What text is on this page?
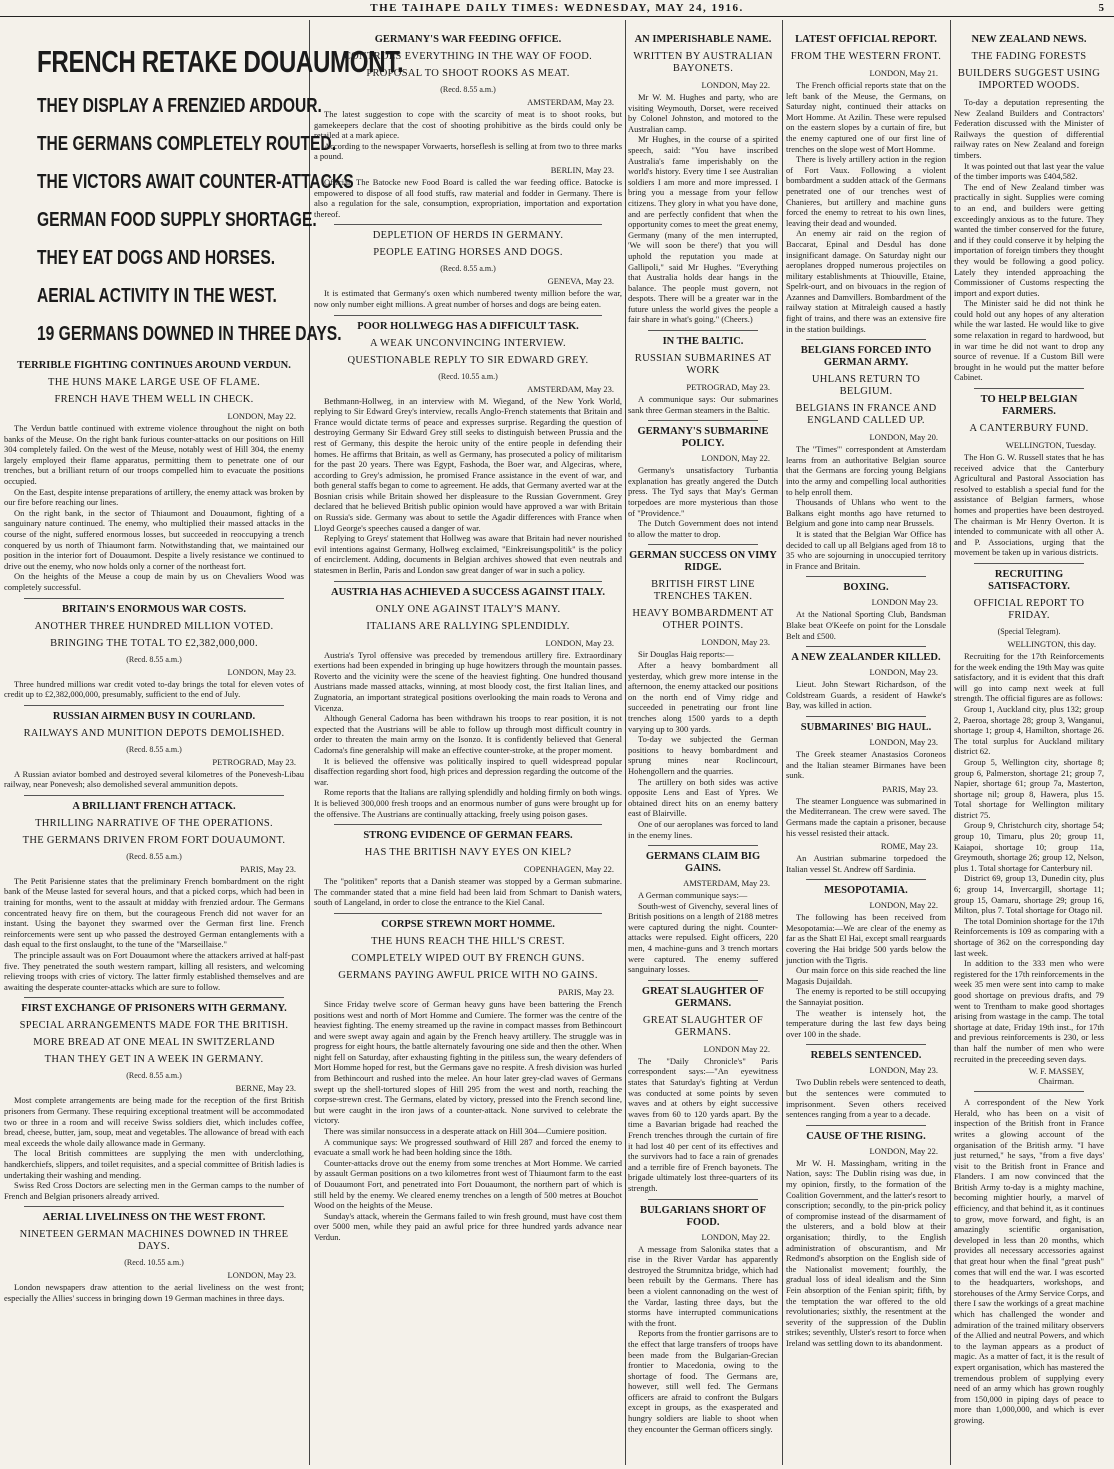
THE TAIHAPE DAILY TIMES: WEDNESDAY, MAY 24, 1916.	5
FRENCH RETAKE DOUAUMONT.
THEY DISPLAY A FRENZIED ARDOUR.
THE GERMANS COMPLETELY ROUTED.
THE VICTORS AWAIT COUNTER-ATTACKS
GERMAN FOOD SUPPLY SHORTAGE.
THEY EAT DOGS AND HORSES.
AERIAL ACTIVITY IN THE WEST.
19 GERMANS DOWNED IN THREE DAYS.
TERRIBLE FIGHTING CONTINUES AROUND VERDUN.
THE HUNS MAKE LARGE USE OF FLAME.
FRENCH HAVE THEM WELL IN CHECK.
LONDON, May 22.

The Verdun battle continued with extreme violence throughout the night on both banks of the Meuse. On the right bank furious counter-attacks on our positions on Hill 304 completely failed. On the west of the Meuse, notably west of Hill 304, the enemy largely employed their flame apparatus, permitting them to penetrate one of our trenches, but a brilliant return of our troops compelled him to evacuate the positions occupied.

On the East, despite intense preparations of artillery, the enemy attack was broken by our fire before reaching our lines.

On the right bank, in the sector of Thiaumont and Douaumont, fighting of a sanguinary nature continued. The enemy, who multiplied their massed attacks in the course of the night, suffered enormous losses, but succeeded in reoccupying a trench conquered by us north of Thiaumont farm. Notwithstanding that, we maintained our position in the interior fort of Douaumont. Despite a lively resistance we continued to drive out the enemy, who now holds only a corner of the northeast fort.

On the heights of the Meuse a coup de main by us on Chevaliers Wood was completely successful.

BRITAIN'S ENORMOUS WAR COSTS.
ANOTHER THREE HUNDRED MILLION VOTED.
BRINGING THE TOTAL TO £2,382,000,000.
(Recd. 8.55 a.m.)
LONDON, May 23.

Three hundred millions war credit voted to-day brings the total for eleven votes of credit up to £2,382,000,000, presumably, sufficient to the end of July.

RUSSIAN AIRMEN BUSY IN COURLAND.
RAILWAYS AND MUNITION DEPOTS DEMOLISHED.
(Recd. 8.55 a.m.)
PETROGRAD, May 23.

A Russian aviator bombed and destroyed several kilometres of the Ponevesh-Libau railway, near Ponevesh; also demolished several ammunition depots.

A BRILLIANT FRENCH ATTACK.
THRILLING NARRATIVE OF THE OPERATIONS.
THE GERMANS DRIVEN FROM FORT DOUAUMONT.
(Recd. 8.55 a.m.)
PARIS, May 23.

The Petit Parisienne states that the preliminary French bombardment on the right bank of the Meuse lasted for several hours, and that a picked corps, which had been in training for months, went to the assault at midday with frenzied ardour. The Germans concentrated heavy fire on them, but the courageous French did not waver for an instant. Using the bayonet they swarmed over the German first line. French reinforcements were sent up who passed the destroyed German entanglements with a dash equal to the first onslaught, to the tune of the "Marseillaise."

The principle assault was on Fort Douaumont where the attackers arrived at half-past five. They penetrated the south western rampart, killing all resisters, and welcoming relieving troops with cries of victory. The latter firmly established themselves and are awaiting the desperate counter-attacks which are sure to follow.

FIRST EXCHANGE OF PRISONERS WITH GERMANY.
SPECIAL ARRANGEMENTS MADE FOR THE BRITISH.
MORE BREAD AT ONE MEAL IN SWITZERLAND
THAN THEY GET IN A WEEK IN GERMANY.
(Recd. 8.55 a.m.)
BERNE, May 23.

Most complete arrangements are being made for the reception of the first British prisoners from Germany. These requiring exceptional treatment will be accommodated two or three in a room and will receive Swiss soldiers diet, which includes coffee, bread, cheese, butter, jam, soup, meat and vegetables. The allowance of bread with each meal exceeds the whole daily allowance made in Germany.

The local British committees are supplying the men with underclothing, handkerchiefs, slippers, and toilet requisites, and a special committee of British ladies is undertaking their washing and mending.

Swiss Red Cross Doctors are selecting men in the German camps to the number of French and Belgian prisoners already arrived.

AERIAL LIVELINESS ON THE WEST FRONT.
NINETEEN GERMAN MACHINES DOWNED IN THREE DAYS.
(Recd. 10.55 a.m.)
LONDON, May 23.

London newspapers draw attention to the aerial liveliness on the west front; especially the Allies' success in bringing down 19 German machines in three days.

GERMANY'S WAR FEEDING OFFICE.
CONTROLS EVERYTHING IN THE WAY OF FOOD.
PROPOSAL TO SHOOT ROOKS AS MEAT.
(Recd. 8.55 a.m.)
AMSTERDAM, May 23.

The latest suggestion to cope with the scarcity of meat is to shoot rooks, but gamekeepers declare that the cost of shooting prohibitive as the birds could only be retailed at a mark apiece.

According to the newspaper Vorwaerts, horseflesh is selling at from two to three marks a pound.

BERLIN, May 23.

Official: The Batocke new Food Board is called the war feeding office. Batocke is empowered to dispose of all food stuffs, raw material and fodder in Germany. There is also a regulation for the sale, consumption, expropriation, importation and exportation thereof.

DEPLETION OF HERDS IN GERMANY.
PEOPLE EATING HORSES AND DOGS.
(Recd. 8.55 a.m.)
GENEVA, May 23.

It is estimated that Germany's oxen which numbered twenty million before the war, now only number eight millions. A great number of horses and dogs are being eaten.

POOR HOLLWEGG HAS A DIFFICULT TASK.
A WEAK UNCONVINCING INTERVIEW.
QUESTIONABLE REPLY TO SIR EDWARD GREY.
(Recd. 10.55 a.m.)
AMSTERDAM, May 23.

Bethmann-Hollweg, in an interview with M. Wiegand, of the New York World, replying to Sir Edward Grey's interview, recalls Anglo-French statements that Britain and France would dictate terms of peace and expresses surprise. Regarding the question of destroying Germany Sir Edward Grey still seeks to distinguish between Prussia and the rest of Germany, this despite the heroic unity of the entire people in defending their homes. He affirms that Britain, as well as Germany, has prosecuted a policy of militarism for the past 20 years. There was Egypt, Fashoda, the Boer war, and Algeciras, where, according to Grey's admission, he promised France assistance in the event of war, and both general staffs began to come to agreement. He adds, that Germany averted war at the Bosnian crisis while Britain showed her displeasure to the Russian Government. Grey declared that he believed British public opinion would have approved a war with Britain on Russia's side. Germany was about to settle the Agadir differences with France when Lloyd George's speeches caused a danger of war.

Replying to Greys' statement that Hollweg was aware that Britain had never nourished evil intentions against Germany, Hollweg exclaimed, "Einkreisungspolitik" is the policy of encirclement. Adding, documents in Belgian archives showed that even neutrals and statesmen in Berlin, Paris and London saw great danger of war in such a policy.

AUSTRIA HAS ACHIEVED A SUCCESS AGAINST ITALY.
ONLY ONE AGAINST ITALY'S MANY.
ITALIANS ARE RALLYING SPLENDIDLY.
LONDON, May 23.

Austria's Tyrol offensive was preceded by tremendous artillery fire. Extraordinary exertions had been expended in bringing up huge howitzers through the mountain passes. Roverto and the vicinity were the scene of the heaviest fighting. One hundred thousand Austrians made massed attacks, winning, at most bloody cost, the first Italian lines, and Zugnatoria, an important strategical positions overlooking the main roads to Verona and Vicenza.

Although General Cadorna has been withdrawn his troops to rear position, it is not expected that the Austrians will be able to follow up through most difficult country in order to threaten the main army on the Isonzo. It is confidently believed that General Cadorna's fine generalship will make an effective counter-stroke, at the proper moment.

It is believed the offensive was politically inspired to quell widespread popular disaffection regarding short food, high prices and depression regarding the outcome of the war.

Rome reports that the Italians are rallying splendidly and holding firmly on both wings. It is believed 300,000 fresh troops and an enormous number of guns were brought up for the offensive. The Austrians are continually attacking, freely using poison gases.

STRONG EVIDENCE OF GERMAN FEARS.
HAS THE BRITISH NAVY EYES ON KIEL?
COPENHAGEN, May 22.

The "politiken" reports that a Danish steamer was stopped by a German submarine. The commander stated that a mine field had been laid from Schmart to Danish waters, south of Langeland, in order to close the entrance to the Kiel Canal.

CORPSE STREWN MORT HOMME.
THE HUNS REACH THE HILL'S CREST.
COMPLETELY WIPED OUT BY FRENCH GUNS.
GERMANS PAYING AWFUL PRICE WITH NO GAINS.
PARIS, May 23.

Since Friday twelve score of German heavy guns have been battering the French positions west and north of Mort Homme and Cumiere. The former was the centre of the heaviest fighting. The enemy streamed up the ravine in compact masses from Bethincourt and were swept away again and again by the French heavy artillery. The struggle was in progress for eight hours, the battle alternately favouring one side and then the other. When night fell on Saturday, after exhausting fighting in the pitiless sun, the weary defenders of Mort Homme hoped for rest, but the Germans gave no respite. A fresh division was hurled from Bethincourt and rushed into the melee. An hour later grey-clad waves of Germans swept up the shell-tortured slopes of Hill 295 from the west and north, reaching the corpse-strewn crest. The Germans, elated by victory, pressed into the French second line, but were caught in the iron jaws of a counter-attack. None survived to celebrate the victory.

There was similar nonsuccess in a desperate attack on Hill 304—Cumiere position.

A communique says: We progressed southward of Hill 287 and forced the enemy to evacuate a small work he had been holding since the 18th.

Counter-attacks drove out the enemy from some trenches at Mort Homme. We carried by assault German positions on a two kilometres front west of Thiaumont farm to the east of Douaumont Fort, and penetrated into Fort Douaumont, the northern part of which is still held by the enemy. We cleared enemy trenches on a length of 500 metres at Bouchot Wood on the heights of the Meuse.

Sunday's attack, wherein the Germans failed to win fresh ground, must have cost them over 5000 men, while they paid an awful price for three hundred yards advance near Verdun.

AN IMPERISHABLE NAME.
WRITTEN BY AUSTRALIAN BAYONETS.
LONDON, May 22.

Mr W. M. Hughes and party, who are visiting Weymouth, Dorset, were received by Colonel Johnston, and motored to the Australian camp.

Mr Hughes, in the course of a spirited speech, said: "You have inscribed Australia's fame imperishably on the world's history. Every time I see Australian soldiers I am more and more impressed. I bring you a message from your fellow citizens. They glory in what you have done, and are perfectly confident that when the opportunity comes to meet the great enemy, Germany (many of the men interrupted, 'We will soon be there') that you will uphold the reputation you made at Gallipoli," said Mr Hughes. "Everything that Australia holds dear hangs in the balance. The people must govern, not despots. There will be a greater war in the future unless the world gives the people a fair share in what's going." (Cheers.)

IN THE BALTIC.
RUSSIAN SUBMARINES AT WORK
PETROGRAD, May 23.

A communique says: Our submarines sank three German steamers in the Baltic.

GERMANY'S SUBMARINE POLICY.
LONDON, May 22.

Germany's unsatisfactory Turbantia explanation has greatly angered the Dutch press. The Tyd says that May's German torpedoes are more mysterious than those of "Providence."

The Dutch Government does not intend to allow the matter to drop.

GERMAN SUCCESS ON VIMY RIDGE.
BRITISH FIRST LINE TRENCHES TAKEN.
HEAVY BOMBARDMENT AT OTHER POINTS.
LONDON, May 23.

Sir Douglas Haig reports:—

After a heavy bombardment all yesterday, which grew more intense in the afternoon, the enemy attacked our positions on the north end of Vimy ridge and succeeded in penetrating our front line trenches along 1500 yards to a depth varying up to 300 yards.

To-day we subjected the German positions to heavy bombardment and sprung mines near Roclincourt, Hohengollern and the quarries.

The artillery on both sides was active opposite Lens and East of Ypres. We obtained direct hits on an enemy battery east of Blairville.

One of our aeroplanes was forced to land in the enemy lines.

GERMANS CLAIM BIG GAINS.
AMSTERDAM, May 23.

A German communique says:—

South-west of Givenchy, several lines of British positions on a length of 2188 metres were captured during the night. Counter-attacks were repulsed. Eight officers, 220 men, 4 machine-guns and 3 trench mortars were captured. The enemy suffered sanguinary losses.

GREAT SLAUGHTER OF GERMANS.
GREAT SLAUGHTER OF GERMANS.
LONDON May 22.

The "Daily Chronicle's" Paris correspondent says:—"An eyewitness states that Saturday's fighting at Verdun was conducted at some points by seven waves and at others by eight successive waves from 60 to 120 yards apart. By the time a Bavarian brigade had reached the French trenches through the curtain of fire it had lost 40 per cent of its effectives and the survivors had to face a rain of grenades and a terrible fire of French bayonets. The brigade ultimately lost three-quarters of its strength.

BULGARIANS SHORT OF FOOD.
LONDON, May 22.

A message from Salonika states that a rise in the River Vardar has apparently destroyed the Strumnitza bridge, which had been rebuilt by the Germans. There has been a violent cannonading on the west of the Vardar, lasting three days, but the storms have interrupted communications with the front.

Reports from the frontier garrisons are to the effect that large transfers of troops have been made from the Bulgarian-Grecian frontier to Macedonia, owing to the shortage of food. The Germans are, however, still well fed. The Germans officers are afraid to confront the Bulgars except in groups, as the exasperated and hungry soldiers are liable to shoot when they encounter the German officers singly.

LATEST OFFICIAL REPORT.
FROM THE WESTERN FRONT.
LONDON, May 21.

The French official reports state that on the left bank of the Meuse, the Germans, on Saturday night, continued their attacks on Mort Homme. At Azilin. These were repulsed on the eastern slopes by a curtain of fire, but the enemy captured one of our first line of trenches on the slope west of Mort Homme.

There is lively artillery action in the region of Fort Vaux. Following a violent bombardment a sudden attack of the Germans penetrated one of our trenches west of Chanieres, but artillery and machine guns forced the enemy to retreat to his own lines, leaving their dead and wounded.

An enemy air raid on the region of Baccarat, Epinal and Desdul has done insignificant damage. On Saturday night our aeroplanes dropped numerous projectiles on military establishments at Thiouville, Etaine, Spelrk-ourt, and on bivouacs in the region of Azannes and Damvillers. Bombardment of the railway station at Mitraleigh caused a hastly fight of trains, and there was an extensive fire in the station buildings.

BELGIANS FORCED INTO GERMAN ARMY.
UHLANS RETURN TO BELGIUM.
BELGIANS IN FRANCE AND ENGLAND CALLED UP.
LONDON, May 20.

The "Times'" correspondent at Amsterdam learns from an authoritative Belgian source that the Germans are forcing young Belgians into the army and compelling local authorities to help enroll them.

Thousands of Uhlans who went to the Balkans eight months ago have returned to Belgium and gone into camp near Brussels.

It is stated that the Belgian War Office has decided to call up all Belgians aged from 18 to 35 who are sojourning in unoccupied territory in France and Britain.

BOXING.
LONDON May 23.

At the National Sporting Club, Bandsman Blake beat O'Keefe on point for the Lonsdale Belt and £500.

A NEW ZEALANDER KILLED.
LONDON, May 23.

Lieut. John Stewart Richardson, of the Coldstream Guards, a resident of Hawke's Bay, was killed in action.

SUBMARINES' BIG HAUL.
LONDON, May 23.

The Greek steamer Anastasios Coroneos and the Italian steamer Birmanes have been sunk.

PARIS, May 23.

The steamer Longuence was submarined in the Mediterranean. The crew were saved. The Germans made the captain a prisoner, because his vessel resisted their attack.

ROME, May 23.

An Austrian submarine torpedoed the Italian vessel St. Andrew off Sardinia.

MESOPOTAMIA.
LONDON, May 22.

The following has been received from Mesopotamia:—We are clear of the enemy as far as the Shatt El Hai, except small rearguards covering the Hai bridge 500 yards below the junction with the Tigris.

Our main force on this side reached the line Magasis Dujaildah.

The enemy is reported to be still occupying the Sannayiat position.

The weather is intensely hot, the temperature during the last few days being over 100 in the shade.

REBELS SENTENCED.
LONDON, May 23.

Two Dublin rebels were sentenced to death, but the sentences were commuted to imprisonment. Seven others received sentences ranging from a year to a decade.

CAUSE OF THE RISING.
LONDON, May 22.

Mr W. H. Massingham, writing in the Nation, says: The Dublin rising was due, in my opinion, firstly, to the formation of the Coalition Government, and the latter's resort to conscription; secondly, to the pin-prick policy of compromise instead of the disarmament of the ulsterers, and a bold blow at their organisation; thirdly, to the English administration of obscurantism, and Mr Redmond's absorption on the English side of the Nationalist movement; fourthly, the gradual loss of ideal idealism and the Sinn Fein absorption of the Fenian spirit; fifth, by the temptation the war offered to the old revolutionaries; sixthly, the resentment at the severity of the suppression of the Dublin strikes; seventhly, Ulster's resort to force when Ireland was settling down to its abandonment.

NEW ZEALAND NEWS.
THE FADING FORESTS
BUILDERS SUGGEST USING IMPORTED WOODS.

To-day a deputation representing the New Zealand Builders and Contractors' Federation discussed with the Minister of Railways the question of differential railway rates on New Zealand and foreign timbers.

It was pointed out that last year the value of the timber imports was £404,582.

The end of New Zealand timber was practically in sight. Supplies were coming to an end, and builders were getting exceedingly anxious as to the future. They wanted the timber conserved for the future, and if they could conserve it by helping the importation of foreign timbers they thought they would be following a good policy. Lately they intended approaching the Commissioner of Customs respecting the import and export duties.

The Minister said he did not think he could hold out any hopes of any alteration while the war lasted. He would like to give some relaxation in regard to hardwood, but in war time he did not want to drop any source of revenue. If a Custom Bill were brought in he would put the matter before Cabinet.

TO HELP BELGIAN FARMERS.
A CANTERBURY FUND.
WELLINGTON, Tuesday.

The Hon G. W. Russell states that he has received advice that the Canterbury Agricultural and Pastoral Association has resolved to establish a special fund for the assistance of Belgian farmers, whose homes and properties have been destroyed. The chairman is Mr Henry Overton. It is intended to communicate with all other A. and P. Associations, urging that the movement be taken up in various districts.

RECRUITING SATISFACTORY.
OFFICIAL REPORT TO FRIDAY.
(Special Telegram).
WELLINGTON, this day.

Recruiting for the 17th Reinforcements for the week ending the 19th May was quite satisfactory, and it is evident that this draft will go into camp next week at full strength. The official figures are as follows:

Group 1, Auckland city, plus 132; group 2, Paeroa, shortage 28; group 3, Wanganui, shortage 1; group 4, Hamilton, shortage 26. The total surplus for Auckland military district 62.

Group 5, Wellington city, shortage 8; group 6, Palmerston, shortage 21; group 7, Napier, shortage 61; group 7a, Masterton, shortage nil; group 8, Hawera, plus 15. Total shortage for Wellington military district 75.

Group 9, Christchurch city, shortage 54; group 10, Timaru, plus 20; group 11, Kaiapoi, shortage 10; group 11a, Greymouth, shortage 26; group 12, Nelson, plus 1. Total shortage for Canterbury nil.

District 69, group 13, Dunedin city, plus 6; group 14, Invercargill, shortage 11; group 15, Oamaru, shortage 29; group 16, Milton, plus 7. Total shortage for Otago nil.

The total Dominion shortage for the 17th Reinforcements is 109 as comparing with a shortage of 362 on the corresponding day last week.

In addition to the 333 men who were registered for the 17th reinforcements in the week 35 men were sent into camp to make good shortage on previous drafts, and 79 went to Trentham to make good shortages arising from wastage in the camp. The total shortage at date, Friday 19th inst., for 17th and previous reinforcements is 230, or less than half the number of men who were recruited in the preceeding seven days.

W. F. MASSEY,
Chairman.

A correspondent of the New York Herald, who has been on a visit of inspection of the British front in France writes a glowing account of the organisation of the British army. "I have just returned," he says, "from a five days' visit to the British front in France and Flanders. I am now convinced that the British Army to-day is a mighty machine, becoming mightier hourly, a marvel of efficiency, and that behind it, as it continues to grow, move forward, and fight, is an amazingly scientific organisation, developed in less than 20 months, which provides all necessary accessories against that great hour when the final "great push" comes that will end the war. I was escorted to the headquarters, workshops, and storehouses of the Army Service Corps, and there I saw the workings of a great machine which has challenged the wonder and admiration of the trained military observers of the Allied and neutral Powers, and which to the layman appears as a product of magic. As a matter of fact, it is the result of expert organisation, which has mastered the tremendous problem of supplying every need of an army which has grown roughly from 150,000 in piping days of peace to more than 1,000,000, and which is ever growing.
